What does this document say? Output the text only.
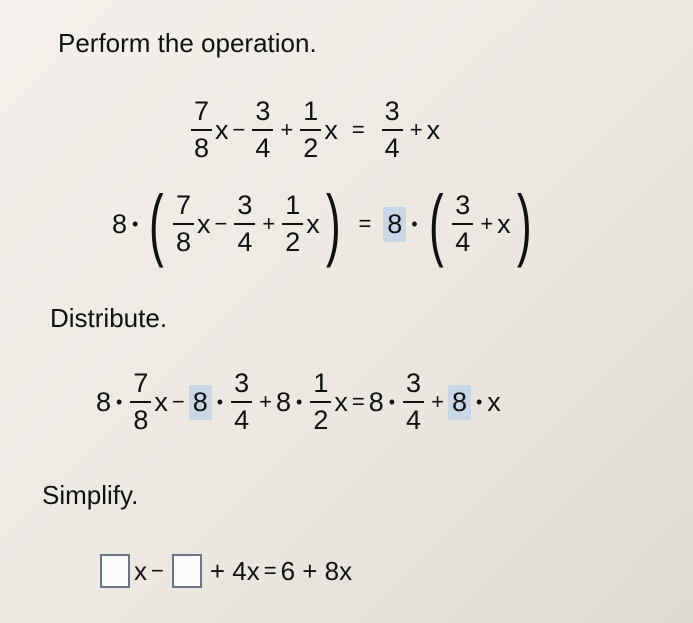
Perform the operation.
$\frac{7}{8}$ $x - \frac{3}{4} + \frac{1}{2}$ $x = \frac{3}{4} + x$
8 • ( $\frac{7}{8}$ $x - \frac{3}{4} + \frac{1}{2}$ x ) = 8 • ( $\frac{3}{4} + x$ )
Distribute.
8 • $\frac{7}{8}$ x − 8 • $\frac{3}{4} + 8$ • $\frac{1}{2}$ x = 8 • $\frac{3}{4} + 8$ • x
Simplify.
x − + 4x = 6 + 8x
